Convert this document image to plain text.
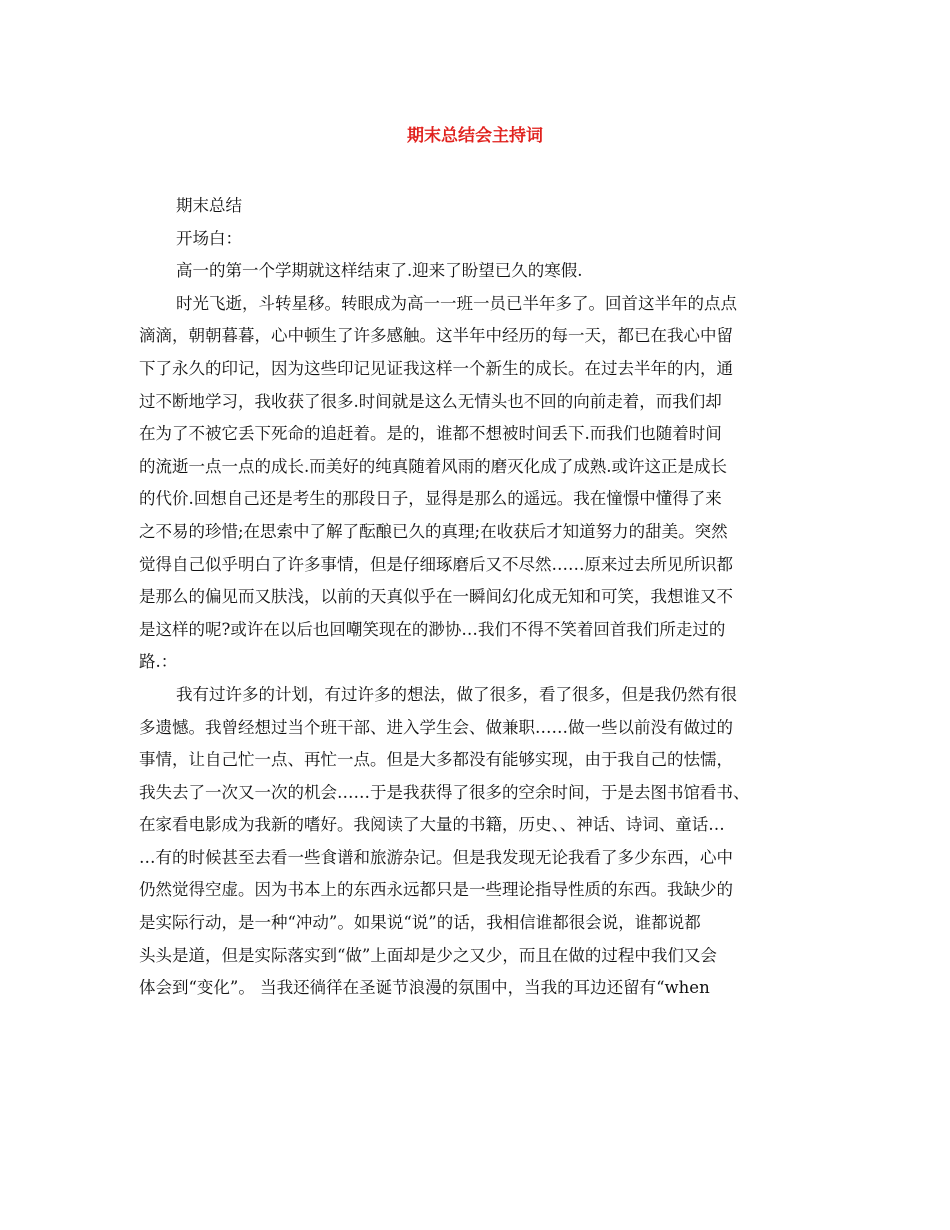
期末总结会主持词

期末总结

开场白：

高一的第一个学期就这样结束了.迎来了盼望已久的寒假.

时光飞逝，斗转星移。转眼成为高一一班一员已半年多了。回首这半年的点点

滴滴，朝朝暮暮，心中顿生了许多感触。这半年中经历的每一天，都已在我心中留

下了永久的印记，因为这些印记见证我这样一个新生的成长。在过去半年的内，通

过不断地学习，我收获了很多.时间就是这么无情头也不回的向前走着，而我们却

在为了不被它丢下死命的追赶着。是的，谁都不想被时间丢下.而我们也随着时间

的流逝一点一点的成长.而美好的纯真随着风雨的磨灭化成了成熟.或许这正是成长

的代价.回想自己还是考生的那段日子，显得是那么的遥远。我在憧憬中懂得了来

之不易的珍惜;在思索中了解了酝酿已久的真理;在收获后才知道努力的甜美。突然

觉得自己似乎明白了许多事情，但是仔细琢磨后又不尽然……原来过去所见所识都

是那么的偏见而又肤浅，以前的天真似乎在一瞬间幻化成无知和可笑，我想谁又不

是这样的呢?或许在以后也回嘲笑现在的渺协…我们不得不笑着回首我们所走过的

路.：

我有过许多的计划，有过许多的想法，做了很多，看了很多，但是我仍然有很

多遗憾。我曾经想过当个班干部、进入学生会、做兼职……做一些以前没有做过的

事情，让自己忙一点、再忙一点。但是大多都没有能够实现，由于我自己的怯懦，

我失去了一次又一次的机会……于是我获得了很多的空余时间，于是去图书馆看书、

在家看电影成为我新的嗜好。我阅读了大量的书籍，历史、、神话、诗词、童话…

…有的时候甚至去看一些食谱和旅游杂记。但是我发现无论我看了多少东西，心中

仍然觉得空虚。因为书本上的东西永远都只是一些理论指导性质的东西。我缺少的

是实际行动，是一种“冲动”。如果说“说”的话，我相信谁都很会说，谁都说都

头头是道，但是实际落实到“做”上面却是少之又少，而且在做的过程中我们又会

体会到“变化”。 当我还徜徉在圣诞节浪漫的氛围中，当我的耳边还留有“when
